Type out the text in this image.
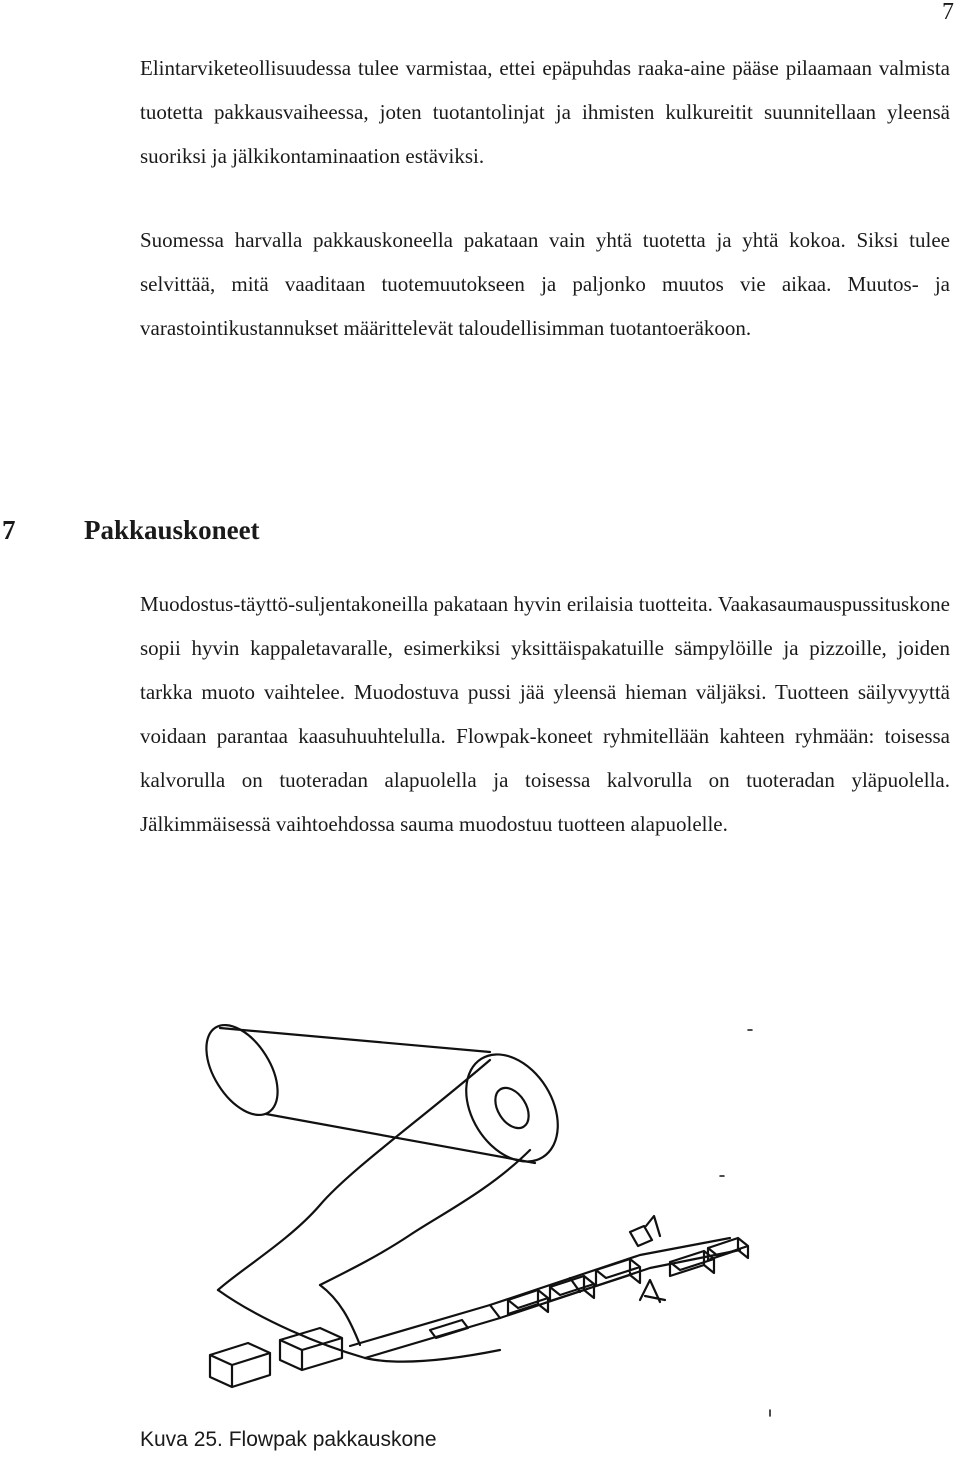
7

Elintarviketeollisuudessa tulee varmistaa, ettei epäpuhdas raaka-aine pääse pilaamaan valmista tuotetta pakkausvaiheessa, joten tuotantolinjat ja ihmisten kulkureitit suunnitellaan yleensä suoriksi ja jälkikontaminaation estäviksi.

Suomessa harvalla pakkauskoneella pakataan vain yhtä tuotetta ja yhtä kokoa. Siksi tulee selvittää, mitä vaaditaan tuotemuutokseen ja paljonko muutos vie aikaa. Muutos- ja varastointikustannukset määrittelevät taloudellisimman tuotantoeräkoon.

7	Pakkauskoneet

Muodostus-täyttö-suljentakoneilla pakataan hyvin erilaisia tuotteita. Vaakasaumauspussituskone sopii hyvin kappaletavaralle, esimerkiksi yksittäispakatuille sämpylöille ja pizzoille, joiden tarkka muoto vaihtelee. Muodostuva pussi jää yleensä hieman väljäksi. Tuotteen säilyvyyttä voidaan parantaa kaasuhuuhtelulla. Flowpak-koneet ryhmitellään kahteen ryhmään: toisessa kalvorulla on tuoteradan alapuolella ja toisessa kalvorulla on tuoteradan yläpuolella. Jälkimmäisessä vaihtoehdossa sauma muodostuu tuotteen alapuolelle.

Kuva 25. Flowpak pakkauskone
